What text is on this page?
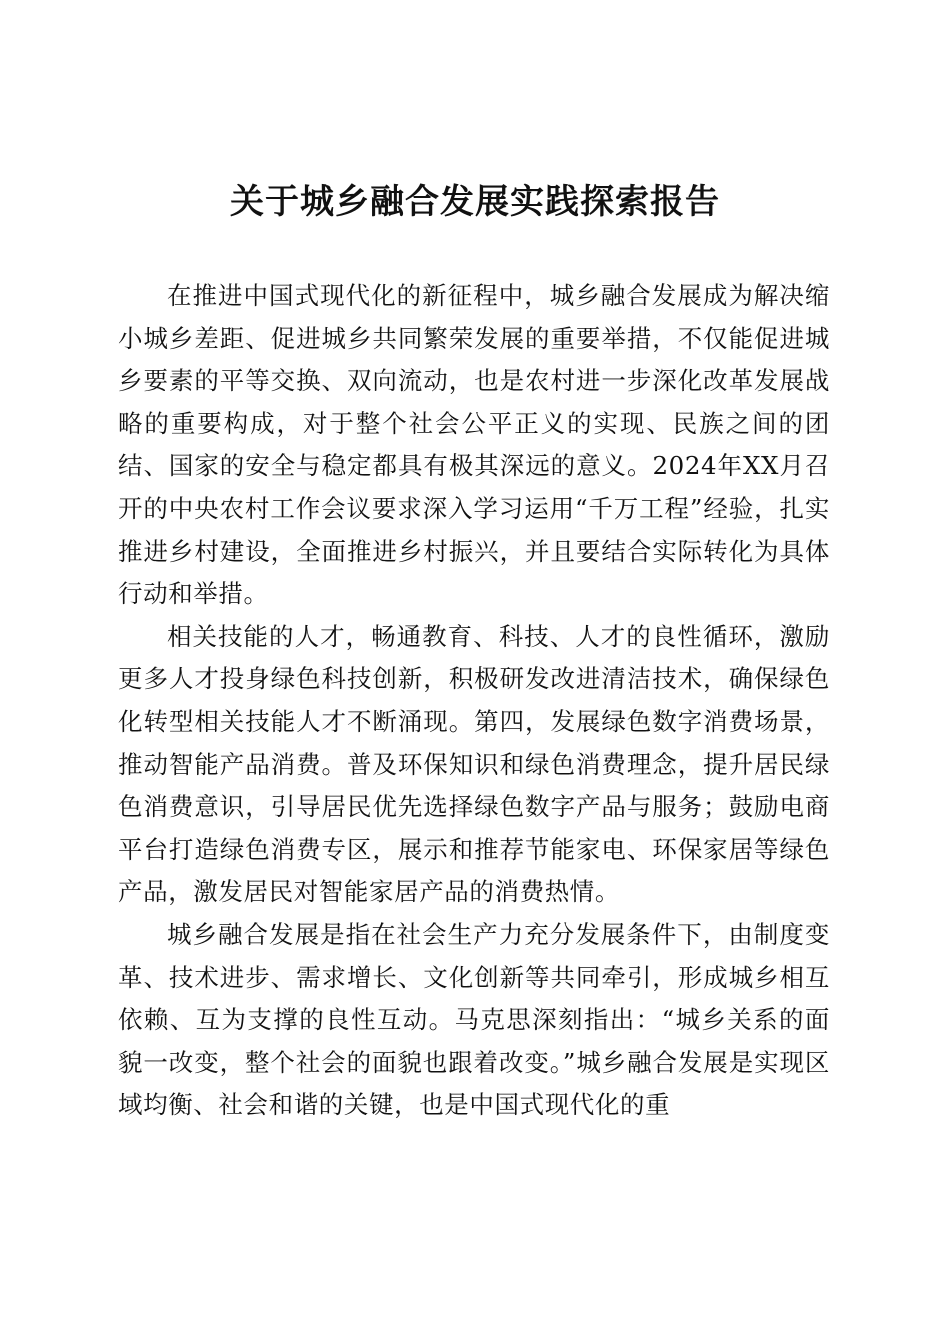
关于城乡融合发展实践探索报告

在推进中国式现代化的新征程中，城乡融合发展成为解决缩小城乡差距、促进城乡共同繁荣发展的重要举措，不仅能促进城乡要素的平等交换、双向流动，也是农村进一步深化改革发展战略的重要构成，对于整个社会公平正义的实现、民族之间的团结、国家的安全与稳定都具有极其深远的意义。2024年XX月召开的中央农村工作会议要求深入学习运用“千万工程”经验，扎实推进乡村建设，全面推进乡村振兴，并且要结合实际转化为具体行动和举措。

相关技能的人才，畅通教育、科技、人才的良性循环，激励更多人才投身绿色科技创新，积极研发改进清洁技术，确保绿色化转型相关技能人才不断涌现。第四，发展绿色数字消费场景，推动智能产品消费。普及环保知识和绿色消费理念，提升居民绿色消费意识，引导居民优先选择绿色数字产品与服务；鼓励电商平台打造绿色消费专区，展示和推荐节能家电、环保家居等绿色产品，激发居民对智能家居产品的消费热情。

城乡融合发展是指在社会生产力充分发展条件下，由制度变革、技术进步、需求增长、文化创新等共同牵引，形成城乡相互依赖、互为支撑的良性互动。马克思深刻指出：“城乡关系的面貌一改变，整个社会的面貌也跟着改变。”城乡融合发展是实现区域均衡、社会和谐的关键，也是中国式现代化的重
